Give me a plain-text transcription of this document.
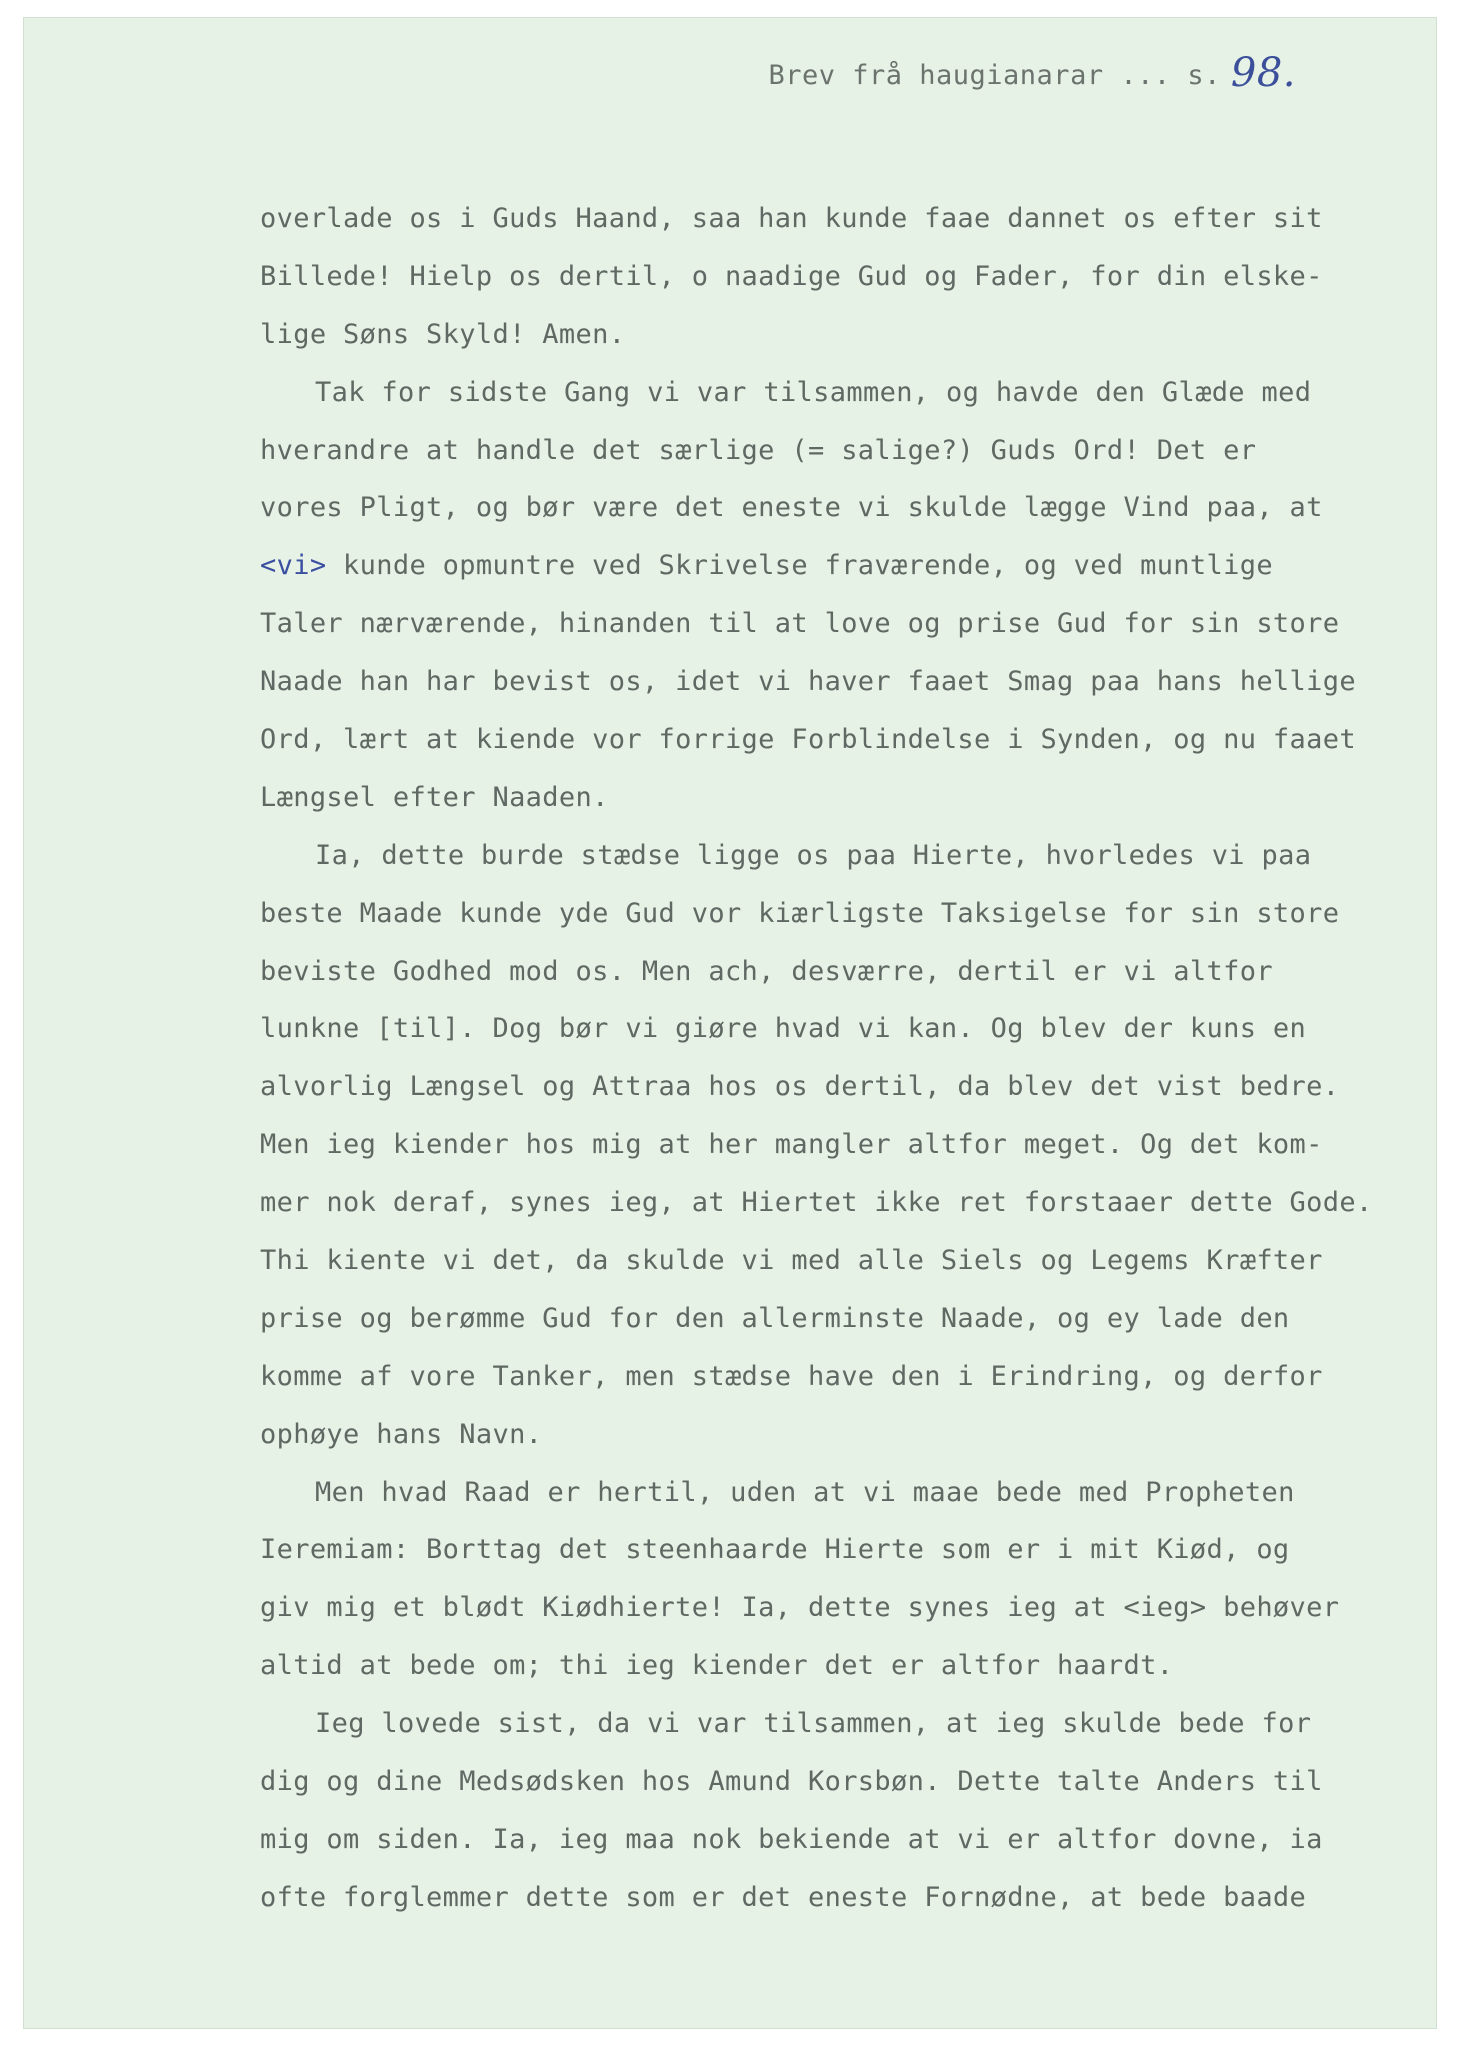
Brev frå haugianarar ... s. 98.
overlade os i Guds Haand, saa han kunde faae dannet os efter sit
Billede! Hielp os dertil, o naadige Gud og Fader, for din elske-
lige Søns Skyld! Amen.
Tak for sidste Gang vi var tilsammen, og havde den Glæde med
hverandre at handle det særlige (= salige?) Guds Ord! Det er
vores Pligt, og bør være det eneste vi skulde lægge Vind paa, at
<vi> kunde opmuntre ved Skrivelse fraværende, og ved muntlige
Taler nærværende, hinanden til at love og prise Gud for sin store
Naade han har bevist os, idet vi haver faaet Smag paa hans hellige
Ord, lært at kiende vor forrige Forblindelse i Synden, og nu faaet
Længsel efter Naaden.
Ia, dette burde stædse ligge os paa Hierte, hvorledes vi paa
beste Maade kunde yde Gud vor kiærligste Taksigelse for sin store
beviste Godhed mod os. Men ach, desværre, dertil er vi altfor
lunkne [til]. Dog bør vi giøre hvad vi kan. Og blev der kuns en
alvorlig Længsel og Attraa hos os dertil, da blev det vist bedre.
Men ieg kiender hos mig at her mangler altfor meget. Og det kom-
mer nok deraf, synes ieg, at Hiertet ikke ret forstaaer dette Gode.
Thi kiente vi det, da skulde vi med alle Siels og Legems Kræfter
prise og berømme Gud for den allerminste Naade, og ey lade den
komme af vore Tanker, men stædse have den i Erindring, og derfor
ophøye hans Navn.
Men hvad Raad er hertil, uden at vi maae bede med Propheten
Ieremiam: Borttag det steenhaarde Hierte som er i mit Kiød, og
giv mig et blødt Kiødhierte! Ia, dette synes ieg at <ieg> behøver
altid at bede om; thi ieg kiender det er altfor haardt.
Ieg lovede sist, da vi var tilsammen, at ieg skulde bede for
dig og dine Medsødsken hos Amund Korsbøn. Dette talte Anders til
mig om siden. Ia, ieg maa nok bekiende at vi er altfor dovne, ia
ofte forglemmer dette som er det eneste Fornødne, at bede baade
